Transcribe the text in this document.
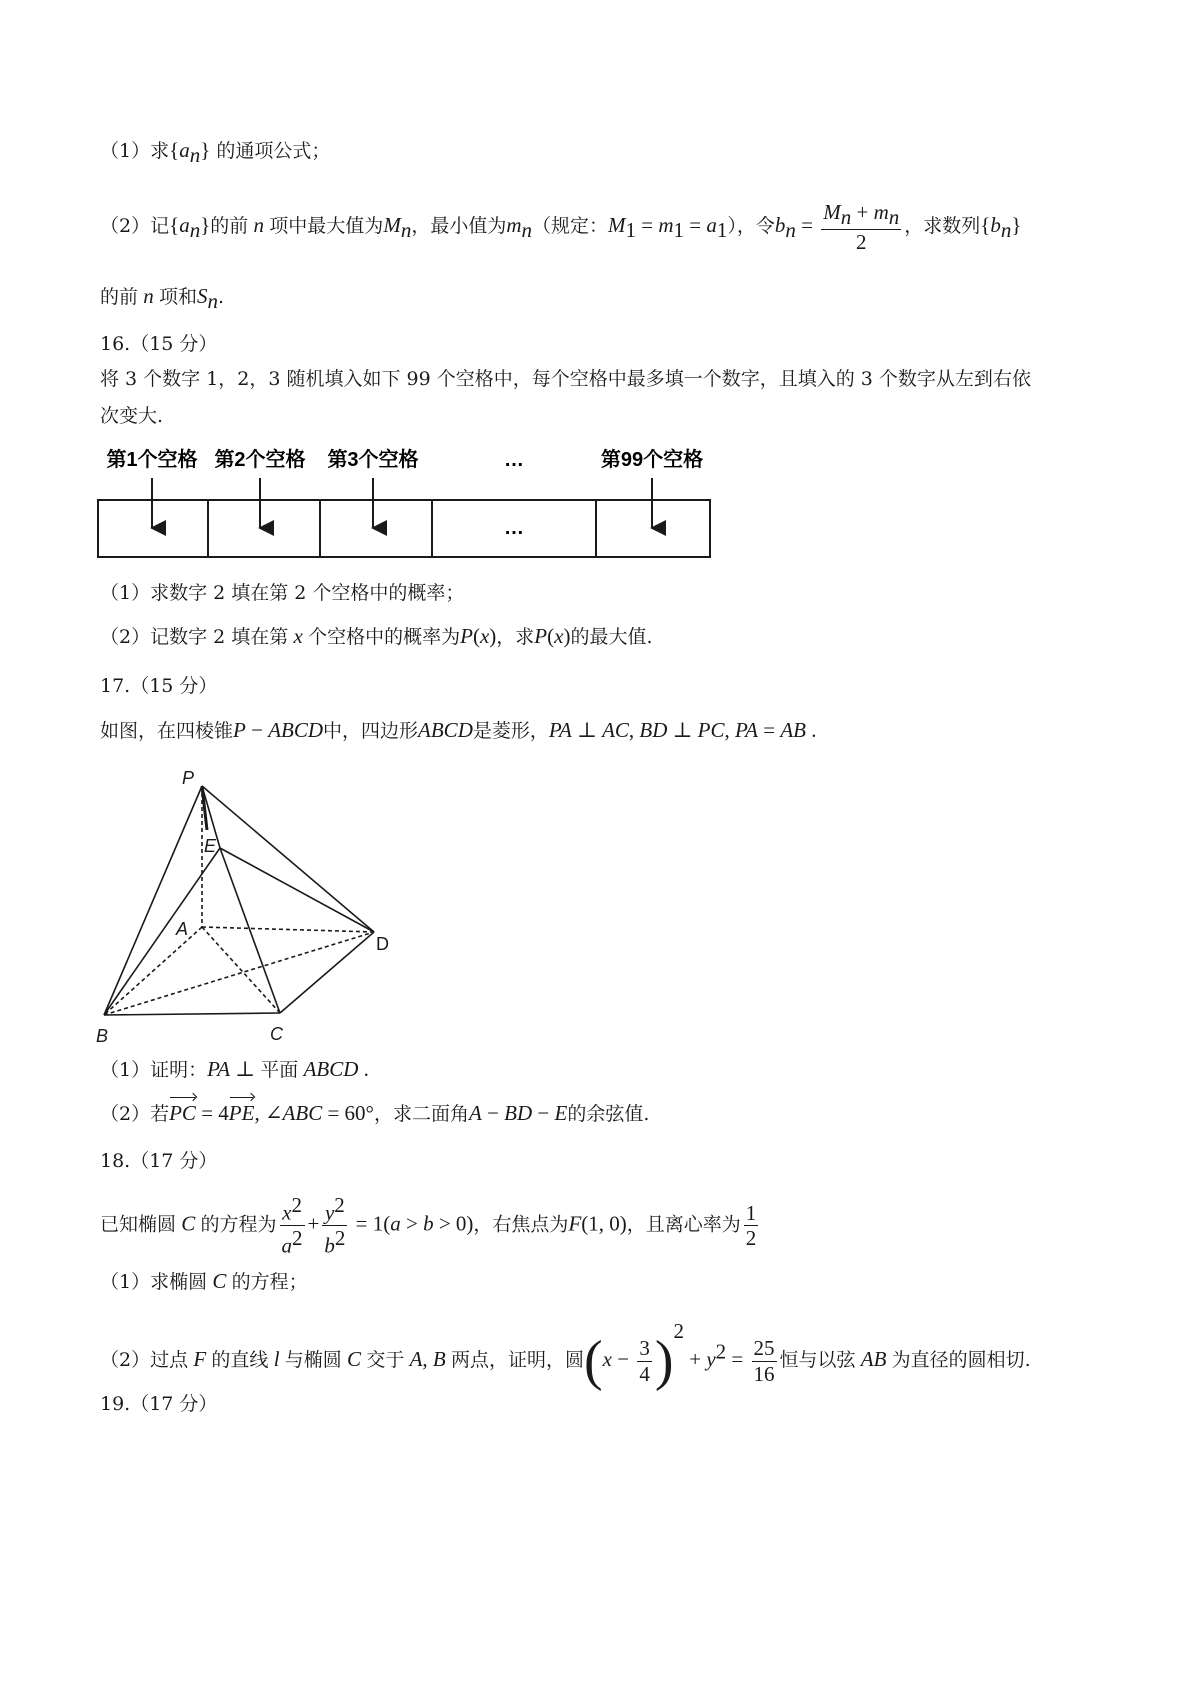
（1）求$\{a_n\}$ 的通项公式；
（2）记$\{a_n\}$的前 n 项中最大值为$M_n$，最小值为$m_n$（规定：$M_1 = m_1 = a_1$），令$b_n = \frac{M_n + m_n}{2}$ ，求数列$\{b_n\}$
的前 n 项和$S_n$.
16.（15 分）
将 3 个数字 1，2，3 随机填入如下 99 个空格中，每个空格中最多填一个数字，且填入的 3 个数字从左到右依
次变大.
第1个空格 第2个空格 第3个空格	…	第99个空格
…
（1）求数字 2 填在第 2 个空格中的概率；
（2）记数字 2 填在第 x 个空格中的概率为P(x)，求P(x)的最大值.
17.（15 分）
如图，在四棱锥P − ABCD中，四边形ABCD是菱形，PA ⊥ AC, BD ⊥ PC, PA = AB .
P
E
A
D
B	C
（1）证明：PA ⊥ 平面 ABCD .
（2）若PC = 4PE, ∠ABC = 60°，求二面角A − BD − E的余弦值.
18.（17 分）
已知椭圆 C 的方程为 $\frac{x^2}{a^2} + \frac{y^2}{b^2} = 1(a > b > 0)$，右焦点为F(1, 0)，且离心率为 $\frac{1}{2}$
（1）求椭圆 C 的方程；
（2）过点 F 的直线 l 与椭圆 C 交于 A, B 两点，证明，圆$(x - \frac{3}{4} )^2 + y^2 = \frac{25}{16}$ 恒与以弦 AB 为直径的圆相切.
19.（17 分）
